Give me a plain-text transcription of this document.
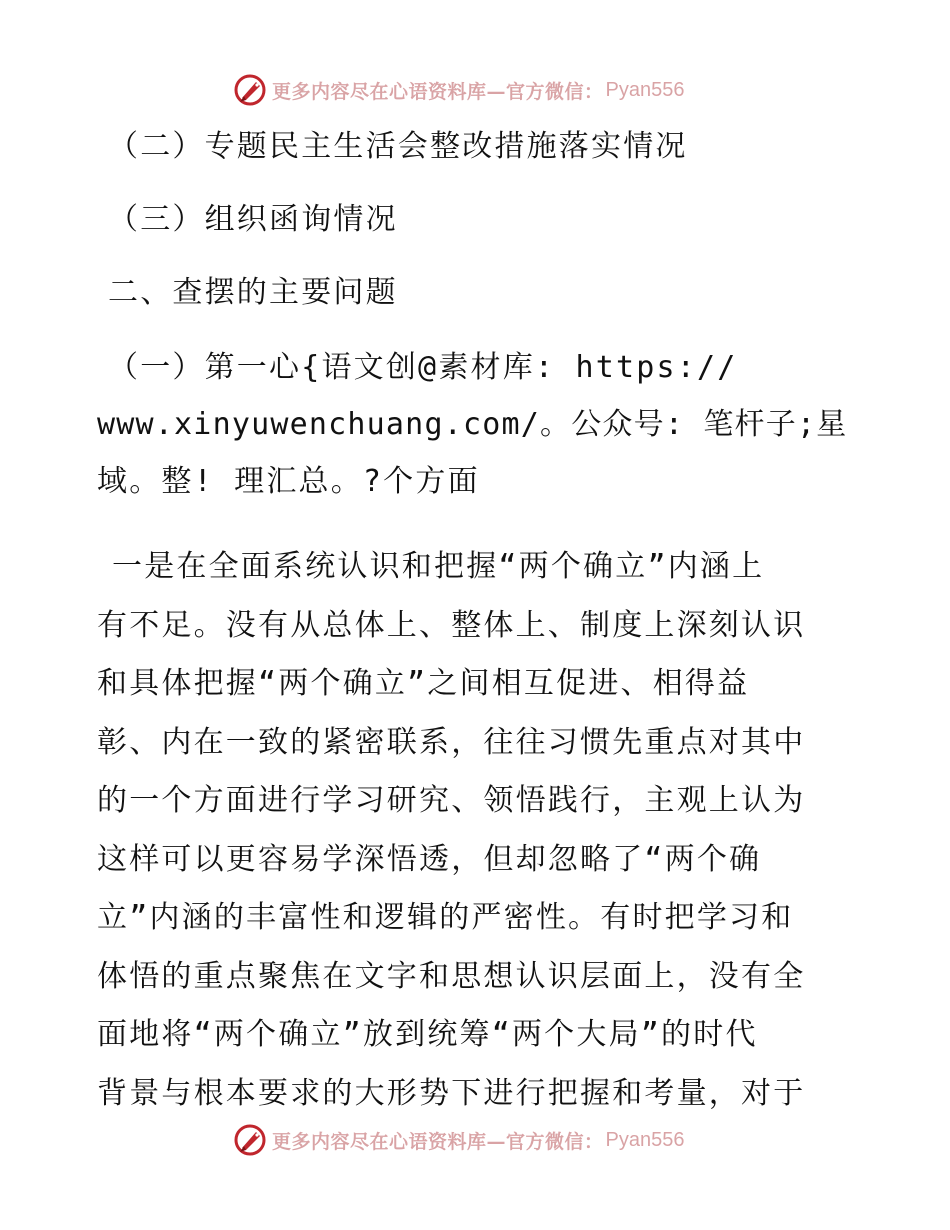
更多内容尽在心语资料库—官方微信： Pyan556

（二）专题民主生活会整改措施落实情况

（三）组织函询情况

二、查摆的主要问题

（一）第一心{语文创@素材库: https://

www.xinyuwenchuang.com/。公众号: 笔杆子;星

域。整! 理汇总。?个方面

一是在全面系统认识和把握“两个确立”内涵上
有不足。没有从总体上、整体上、制度上深刻认识
和具体把握“两个确立”之间相互促进、相得益
彰、内在一致的紧密联系，往往习惯先重点对其中
的一个方面进行学习研究、领悟践行，主观上认为
这样可以更容易学深悟透，但却忽略了“两个确
立”内涵的丰富性和逻辑的严密性。有时把学习和
体悟的重点聚焦在文字和思想认识层面上，没有全
面地将“两个确立”放到统筹“两个大局”的时代
背景与根本要求的大形势下进行把握和考量，对于
更多内容尽在心语资料库—官方微信： Pyan556
